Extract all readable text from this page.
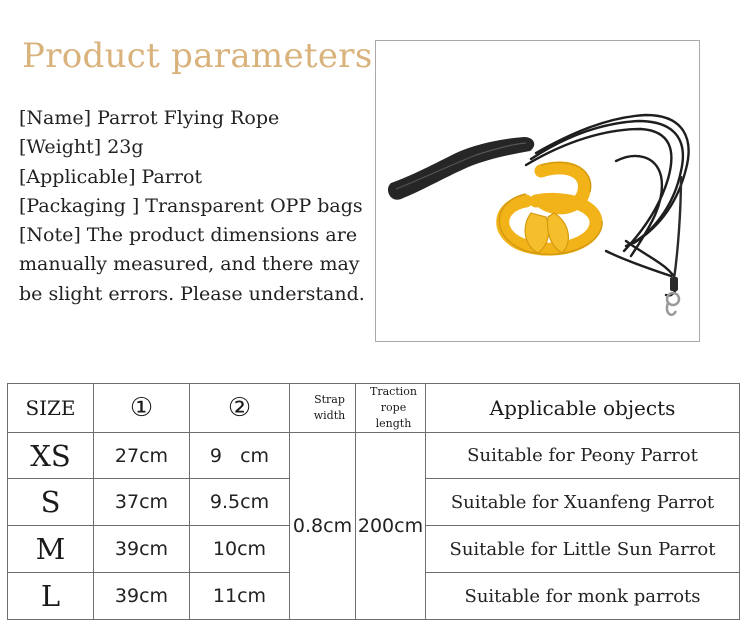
Product parameters
[Name] Parrot Flying Rope
[Weight] 23g
[Applicable] Parrot
[Packaging ] Transparent OPP bags
[Note] The product dimensions are manually measured, and there may be slight errors. Please understand.
SIZE	①	②	Strap width	Traction rope length	Applicable objects
XS	27cm	9   cm	0.8cm	200cm	Suitable for Peony Parrot
S	37cm	9.5cm			Suitable for Xuanfeng Parrot
M	39cm	10cm			Suitable for Little Sun Parrot
L	39cm	11cm			Suitable for monk parrots
